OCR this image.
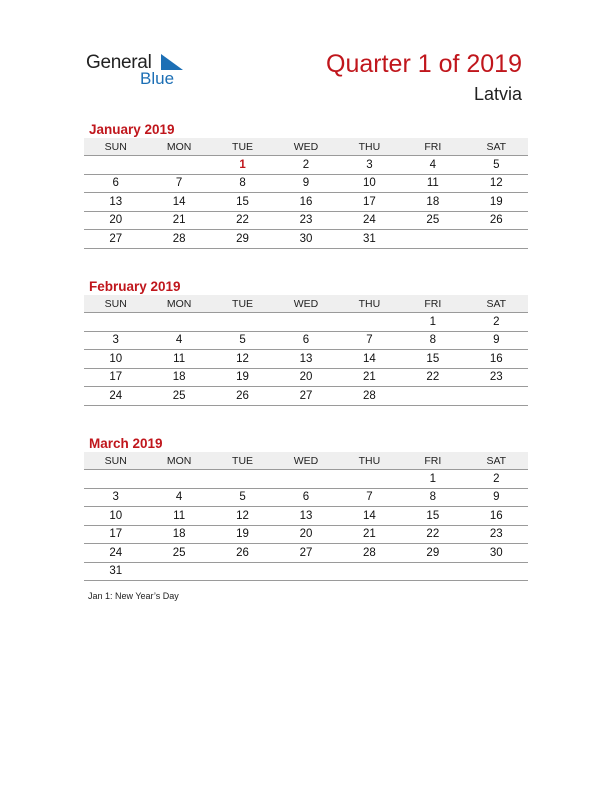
General
Blue
Quarter 1 of 2019
Latvia
January 2019
SUN	MON	TUE	WED	THU	FRI	SAT
		1	2	3	4	5
6	7	8	9	10	11	12
13	14	15	16	17	18	19
20	21	22	23	24	25	26
27	28	29	30	31		
February 2019
SUN	MON	TUE	WED	THU	FRI	SAT
					1	2
3	4	5	6	7	8	9
10	11	12	13	14	15	16
17	18	19	20	21	22	23
24	25	26	27	28		
March 2019
SUN	MON	TUE	WED	THU	FRI	SAT
					1	2
3	4	5	6	7	8	9
10	11	12	13	14	15	16
17	18	19	20	21	22	23
24	25	26	27	28	29	30
31						
Jan 1: New Year’s Day
